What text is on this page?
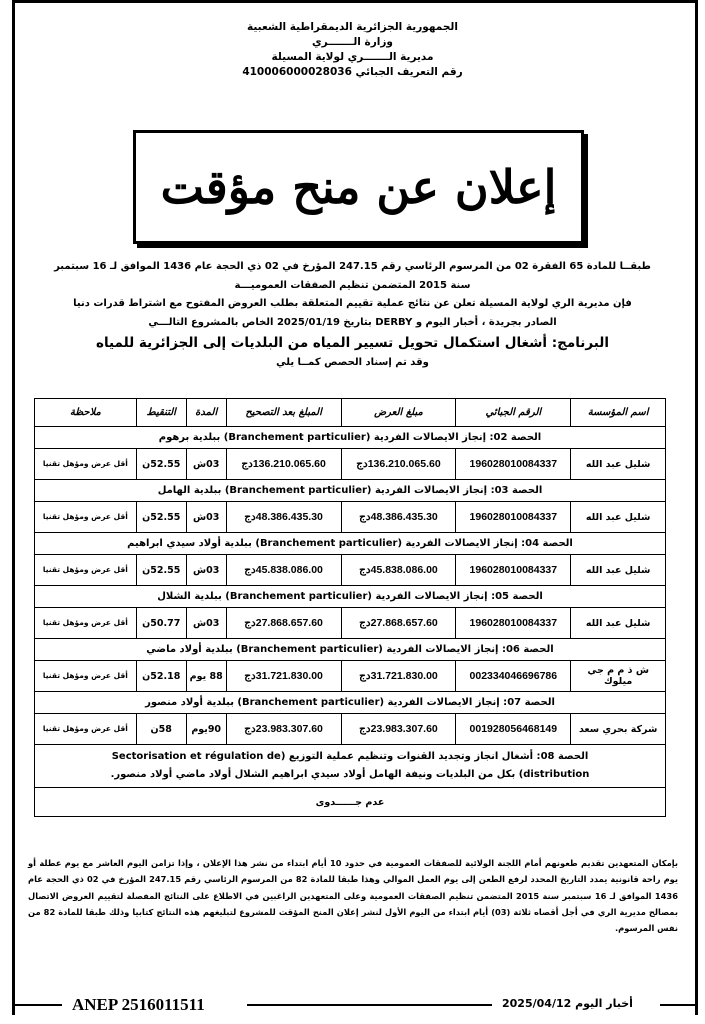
الجمهورية الجزائرية الديمقراطية الشعبية
وزارة الـــــــري
مديرية الـــــــري لولاية المسيلة
رقم التعريف الجبائي 410006000028036
إعلان عن منح مؤقت
طبقــا للمادة 65 الفقرة 02 من المرسوم الرئاسي رقم 247.15 المؤرخ في 02 ذي الحجة عام 1436 الموافق لـ 16 سبتمبر
سنة 2015 المتضمن تنظيم الصفقات العموميـــة
فإن مديرية الري لولاية المسيلة تعلن عن نتائج عملية تقييم المتعلقة بطلب العروض المفتوح مع اشتراط قدرات دنيا
الصادر بجريدة ، أخبار اليوم و DERBY بتاريخ 2025/01/19 الخاص بالمشروع التالـــي
البرنامج: أشغال استكمال تحويل تسيير المياه من البلديات إلى الجزائرية للمياه
وقد تم إسناد الحصص كمــا يلي
اسم المؤسسة	الرقم الجبائي	مبلغ العرض	المبلغ بعد التصحيح	المدة	التنقيط	ملاحظة
الحصة 02: إنجاز الايصالات الفردية (Branchement particulier) ببلدية برهوم						
شليل عبد الله	196028010084337	136.210.065.60دج	136.210.065.60دج	03ش	52.55ن	أقل عرض ومؤهل تقنيا
الحصة 03: إنجاز الايصالات الفردية (Branchement particulier) ببلدية الهامل						
شليل عبد الله	196028010084337	48.386.435.30دج	48.386.435.30دج	03ش	52.55ن	أقل عرض ومؤهل تقنيا
الحصة 04: إنجاز الايصالات الفردية (Branchement particulier) ببلدية أولاد سيدي ابراهيم						
شليل عبد الله	196028010084337	45.838.086.00دج	45.838.086.00دج	03ش	52.55ن	أقل عرض ومؤهل تقنيا
الحصة 05: إنجاز الايصالات الفردية (Branchement particulier) ببلدية الشلال						
شليل عبد الله	196028010084337	27.868.657.60دج	27.868.657.60دج	03ش	50.77ن	أقل عرض ومؤهل تقنيا
الحصة 06: إنجاز الايصالات الفردية (Branchement particulier) ببلدية أولاد ماضي						
ش ذ م م جي ميلوك	002334046696786	31.721.830.00دج	31.721.830.00دج	88 يوم	52.18ن	أقل عرض ومؤهل تقنيا
الحصة 07: إنجاز الايصالات الفردية (Branchement particulier) ببلدية أولاد منصور						
شركة بحري سعد	001928056468149	23.983.307.60دج	23.983.307.60دج	90يوم	58ن	أقل عرض ومؤهل تقنيا

الحصة 08: أشغال انجاز وتجديد القنوات وتنظيم عملية التوزيع (Sectorisation et régulation de
distribution) بكل من البلديات ونيفة الهامل أولاد سيدي ابراهيم الشلال أولاد ماضي أولاد منصور.						

عدم جــــــدوى						
بإمكان المتعهدين تقديم طعونهم أمام اللجنة الولائية للصفقات العمومية في حدود 10 أيام ابتداء من نشر هذا الإعلان ، وإذا تزامن اليوم العاشر مع يوم عطلة أو يوم راحة قانونية يمدد التاريخ المحدد لرفع الطعن إلى يوم العمل الموالي وهذا طبقا للمادة 82 من المرسوم الرئاسي رقم 247.15 المؤرخ في 02 ذي الحجة عام 1436 الموافق لـ 16 سبتمبر سنة 2015 المتضمن تنظيم الصفقات العمومية وعلى المتعهدين الراغبين في الاطلاع على النتائج المفصلة لتقييم العروض الاتصال بمصالح مديرية الري في أجل أقصاه ثلاثة (03) أيام ابتداء من اليوم الأول لنشر إعلان المنح المؤقت للمشروع لتبليغهم هذه النتائج كتابيا وذلك طبقا للمادة 82 من نفس المرسوم.
ANEP 2516011511	أخبار اليوم 2025/04/12
